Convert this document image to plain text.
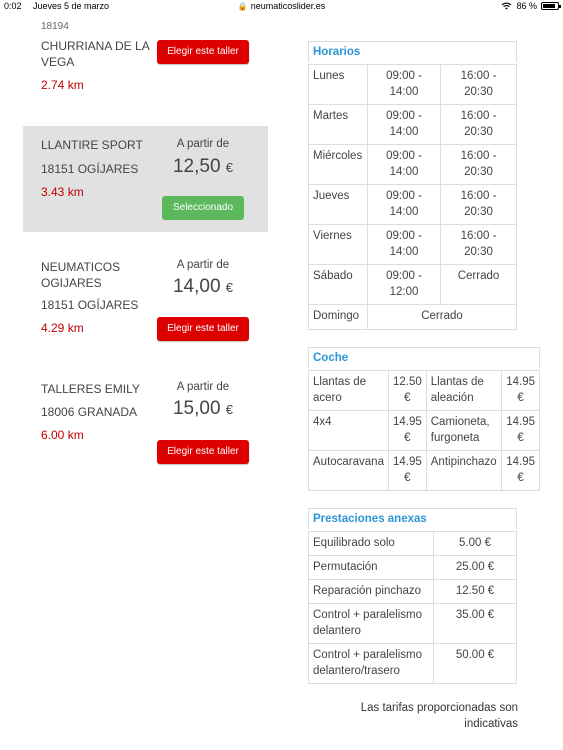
0:02 Jueves 5 de marzo	🔒 neumaticoslider.es	86 %
18194
CHURRIANA DE LA VEGA
2.74 km
Elegir este taller
LLANTIRE SPORT
18151 OGÍJARES
3.43 km
A partir de
12,50 €
Seleccionado
NEUMATICOS OGIJARES
18151 OGÍJARES
4.29 km
A partir de
14,00 €
Elegir este taller
TALLERES EMILY
18006 GRANADA
6.00 km
A partir de
15,00 €
Elegir este taller
Horarios
Lunes	09:00 - 14:00	16:00 - 20:30
Martes	09:00 - 14:00	16:00 - 20:30
Miércoles	09:00 - 14:00	16:00 - 20:30
Jueves	09:00 - 14:00	16:00 - 20:30
Viernes	09:00 - 14:00	16:00 - 20:30
Sábado	09:00 - 12:00	Cerrado
Domingo	Cerrado	
Coche
Llantas de acero	12.50 €	Llantas de aleación	14.95 €
4x4	14.95 €	Camioneta, furgoneta	14.95 €
Autocaravana	14.95 €	Antipinchazo	14.95 €
Prestaciones anexas
Equilibrado solo	5.00 €
Permutación	25.00 €
Reparación pinchazo	12.50 €
Control + paralelismo delantero	35.00 €
Control + paralelismo delantero/trasero	50.00 €
Las tarifas proporcionadas son indicativas
